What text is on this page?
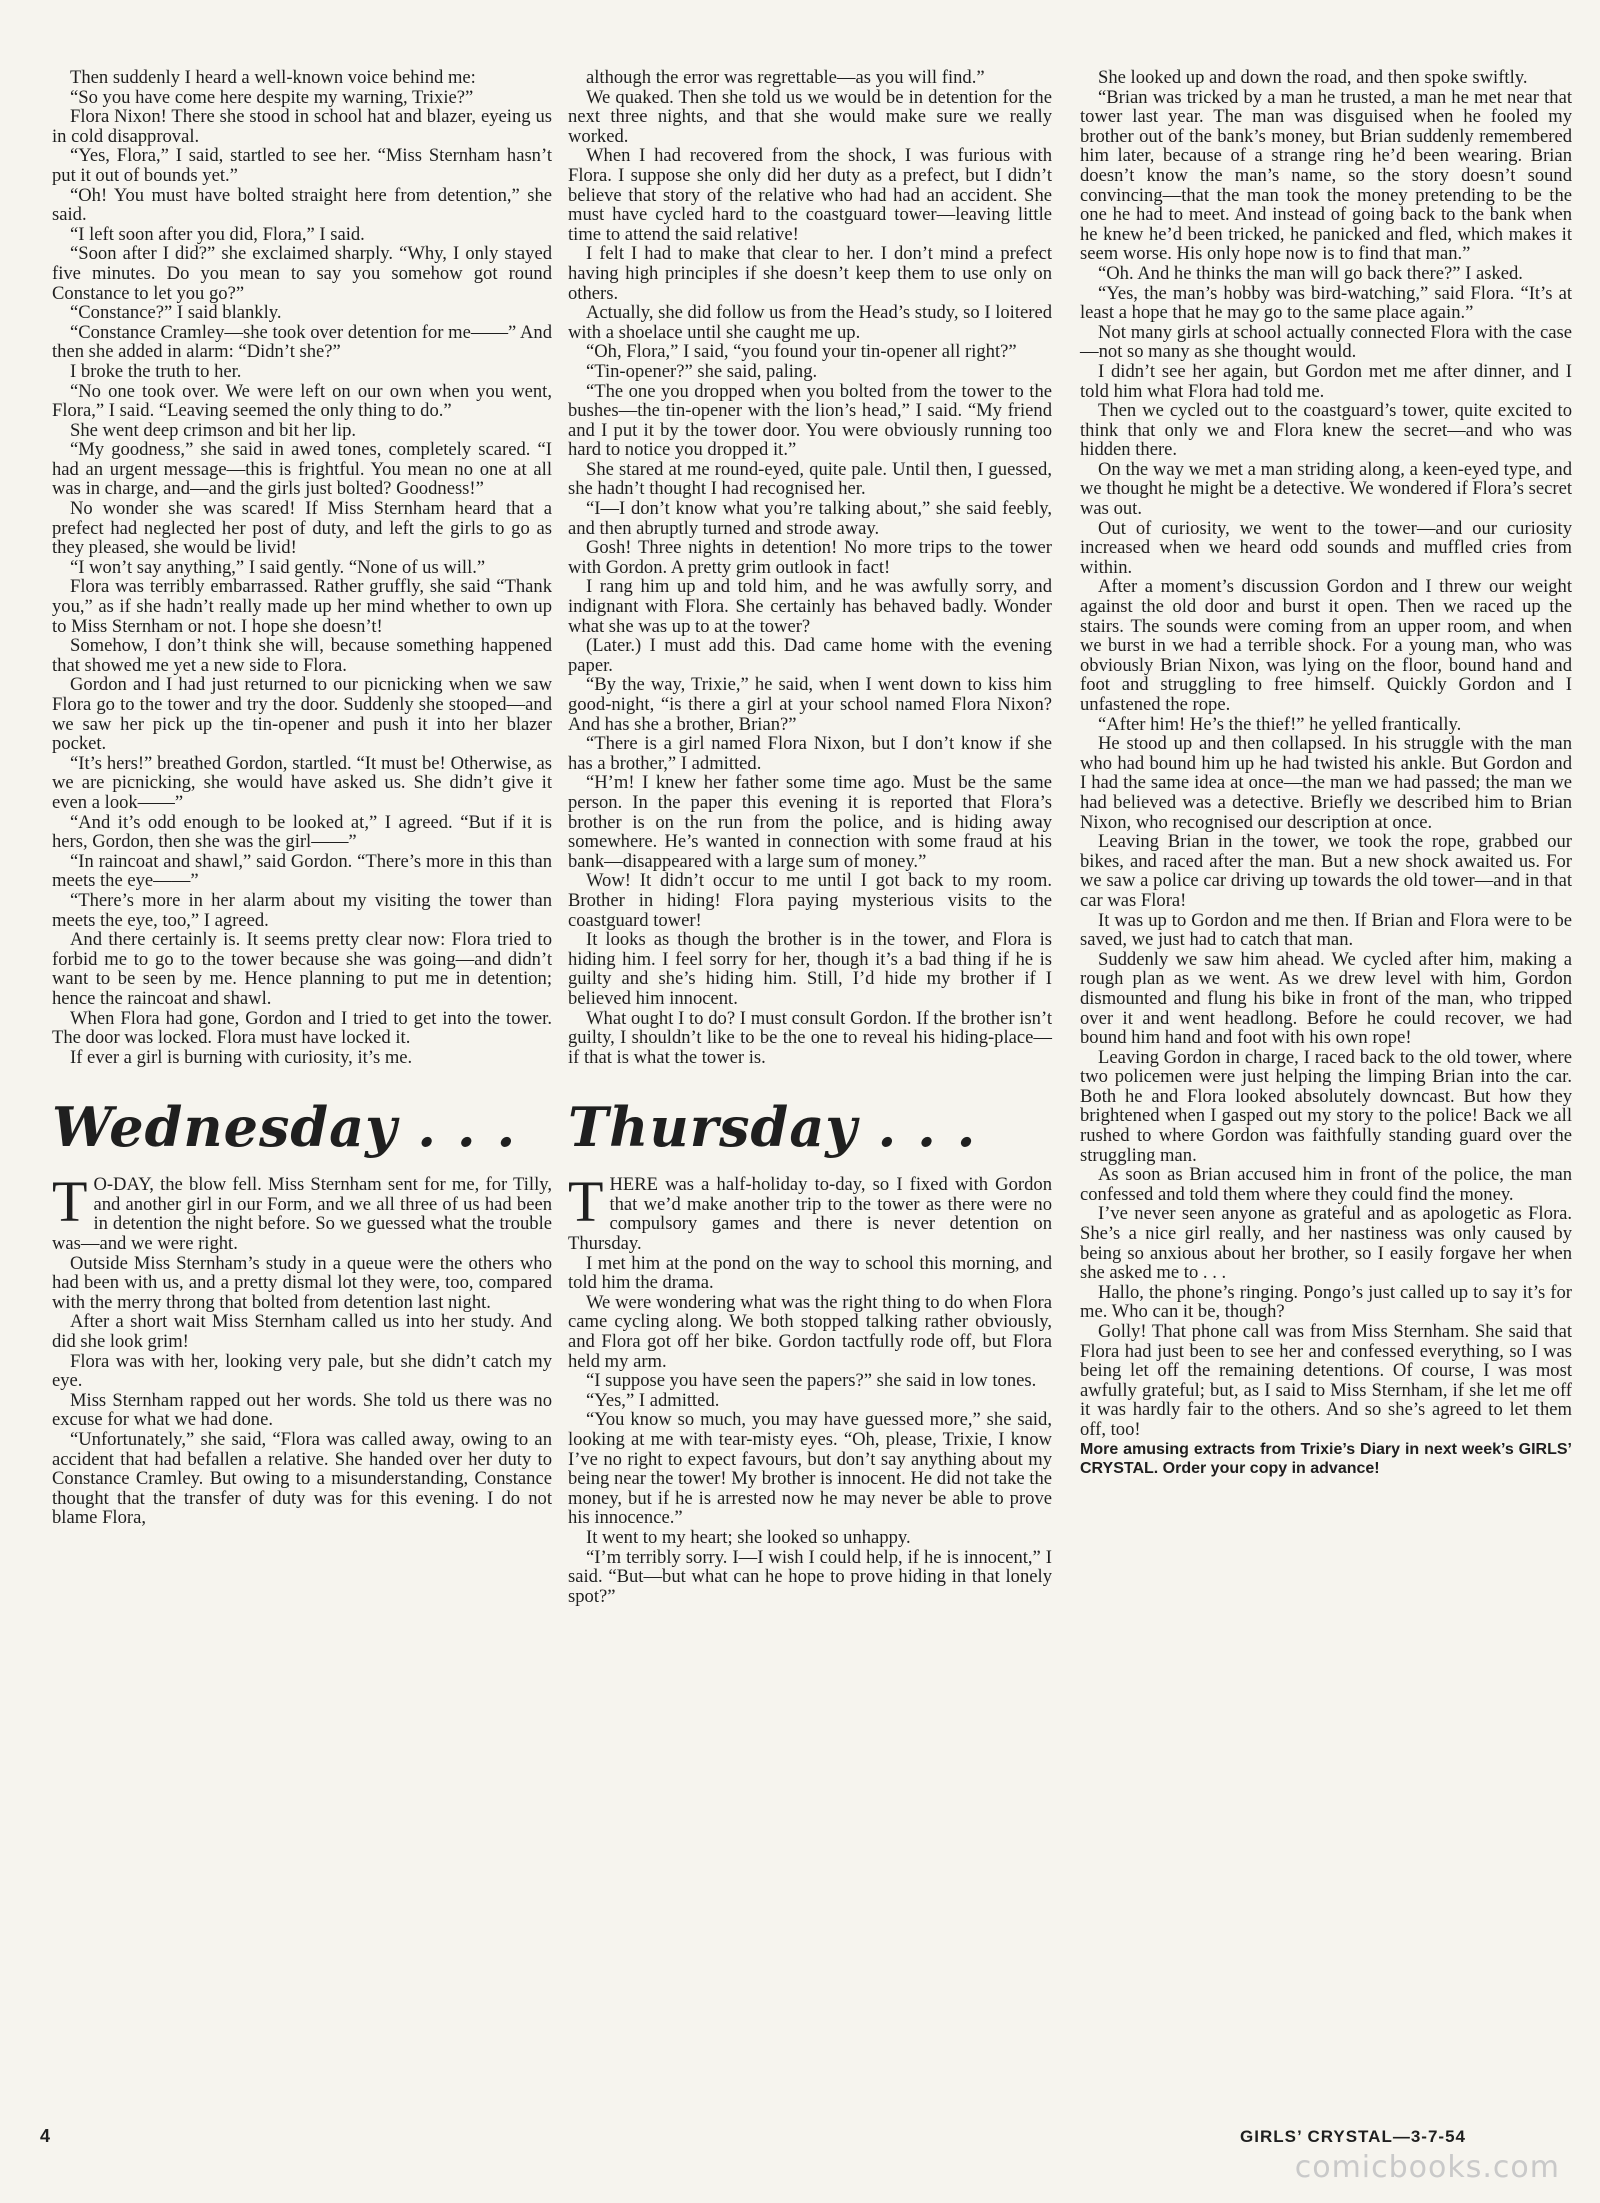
Then suddenly I heard a well-known voice behind me:

“So you have come here despite my warning, Trixie?”

Flora Nixon! There she stood in school hat and blazer, eyeing us in cold disapproval.

“Yes, Flora,” I said, startled to see her. “Miss Sternham hasn’t put it out of bounds yet.”

“Oh! You must have bolted straight here from detention,” she said.

“I left soon after you did, Flora,” I said.

“Soon after I did?” she exclaimed sharply. “Why, I only stayed five minutes. Do you mean to say you somehow got round Constance to let you go?”

“Constance?” I said blankly.

“Constance Cramley—she took over detention for me——” And then she added in alarm: “Didn’t she?”

I broke the truth to her.

“No one took over. We were left on our own when you went, Flora,” I said. “Leaving seemed the only thing to do.”

She went deep crimson and bit her lip.

“My goodness,” she said in awed tones, completely scared. “I had an urgent message—this is frightful. You mean no one at all was in charge, and—and the girls just bolted? Goodness!”

No wonder she was scared! If Miss Sternham heard that a prefect had neglected her post of duty, and left the girls to go as they pleased, she would be livid!

“I won’t say anything,” I said gently. “None of us will.”

Flora was terribly embarrassed. Rather gruffly, she said “Thank you,” as if she hadn’t really made up her mind whether to own up to Miss Sternham or not. I hope she doesn’t!

Somehow, I don’t think she will, because something happened that showed me yet a new side to Flora.

Gordon and I had just returned to our picnicking when we saw Flora go to the tower and try the door. Suddenly she stooped—and we saw her pick up the tin-opener and push it into her blazer pocket.

“It’s hers!” breathed Gordon, startled. “It must be! Otherwise, as we are picnicking, she would have asked us. She didn’t give it even a look——”

“And it’s odd enough to be looked at,” I agreed. “But if it is hers, Gordon, then she was the girl——”

“In raincoat and shawl,” said Gordon. “There’s more in this than meets the eye——”

“There’s more in her alarm about my visiting the tower than meets the eye, too,” I agreed.

And there certainly is. It seems pretty clear now: Flora tried to forbid me to go to the tower because she was going—and didn’t want to be seen by me. Hence planning to put me in detention; hence the raincoat and shawl.

When Flora had gone, Gordon and I tried to get into the tower. The door was locked. Flora must have locked it.

If ever a girl is burning with curiosity, it’s me.

Wednesday . . .

T O-DAY, the blow fell. Miss Sternham sent for me, for Tilly, and another girl in our Form, and we all three of us had been in detention the night before. So we guessed what the trouble was—and we were right.

Outside Miss Sternham’s study in a queue were the others who had been with us, and a pretty dismal lot they were, too, compared with the merry throng that bolted from detention last night.

After a short wait Miss Sternham called us into her study. And did she look grim!

Flora was with her, looking very pale, but she didn’t catch my eye.

Miss Sternham rapped out her words. She told us there was no excuse for what we had done.

“Unfortunately,” she said, “Flora was called away, owing to an accident that had befallen a relative. She handed over her duty to Constance Cramley. But owing to a misunderstanding, Constance thought that the transfer of duty was for this evening. I do not blame Flora,

although the error was regrettable—as you will find.”

We quaked. Then she told us we would be in detention for the next three nights, and that she would make sure we really worked.

When I had recovered from the shock, I was furious with Flora. I suppose she only did her duty as a prefect, but I didn’t believe that story of the relative who had had an accident. She must have cycled hard to the coastguard tower—leaving little time to attend the said relative!

I felt I had to make that clear to her. I don’t mind a prefect having high principles if she doesn’t keep them to use only on others.

Actually, she did follow us from the Head’s study, so I loitered with a shoelace until she caught me up.

“Oh, Flora,” I said, “you found your tin-opener all right?”

“Tin-opener?” she said, paling.

“The one you dropped when you bolted from the tower to the bushes—the tin-opener with the lion’s head,” I said. “My friend and I put it by the tower door. You were obviously running too hard to notice you dropped it.”

She stared at me round-eyed, quite pale. Until then, I guessed, she hadn’t thought I had recognised her.

“I—I don’t know what you’re talking about,” she said feebly, and then abruptly turned and strode away.

Gosh! Three nights in detention! No more trips to the tower with Gordon. A pretty grim outlook in fact!

I rang him up and told him, and he was awfully sorry, and indignant with Flora. She certainly has behaved badly. Wonder what she was up to at the tower?

(Later.) I must add this. Dad came home with the evening paper.

“By the way, Trixie,” he said, when I went down to kiss him good-night, “is there a girl at your school named Flora Nixon? And has she a brother, Brian?”

“There is a girl named Flora Nixon, but I don’t know if she has a brother,” I admitted.

“H’m! I knew her father some time ago. Must be the same person. In the paper this evening it is reported that Flora’s brother is on the run from the police, and is hiding away somewhere. He’s wanted in connection with some fraud at his bank—disappeared with a large sum of money.”

Wow! It didn’t occur to me until I got back to my room. Brother in hiding! Flora paying mysterious visits to the coastguard tower!

It looks as though the brother is in the tower, and Flora is hiding him. I feel sorry for her, though it’s a bad thing if he is guilty and she’s hiding him. Still, I’d hide my brother if I believed him innocent.

What ought I to do? I must consult Gordon. If the brother isn’t guilty, I shouldn’t like to be the one to reveal his hiding-place—if that is what the tower is.

Thursday . . .

THERE was a half-holiday to-day, so I fixed with Gordon that we’d make another trip to the tower as there were no compulsory games and there is never detention on Thursday.

I met him at the pond on the way to school this morning, and told him the drama.

We were wondering what was the right thing to do when Flora came cycling along. We both stopped talking rather obviously, and Flora got off her bike. Gordon tactfully rode off, but Flora held my arm.

“I suppose you have seen the papers?” she said in low tones.

“Yes,” I admitted.

“You know so much, you may have guessed more,” she said, looking at me with tear-misty eyes. “Oh, please, Trixie, I know I’ve no right to expect favours, but don’t say anything about my being near the tower! My brother is innocent. He did not take the money, but if he is arrested now he may never be able to prove his innocence.”

It went to my heart; she looked so unhappy.

“I’m terribly sorry. I—I wish I could help, if he is innocent,” I said. “But—but what can he hope to prove hiding in that lonely spot?”

She looked up and down the road, and then spoke swiftly.

“Brian was tricked by a man he trusted, a man he met near that tower last year. The man was disguised when he fooled my brother out of the bank’s money, but Brian suddenly remembered him later, because of a strange ring he’d been wearing. Brian doesn’t know the man’s name, so the story doesn’t sound convincing—that the man took the money pretending to be the one he had to meet. And instead of going back to the bank when he knew he’d been tricked, he panicked and fled, which makes it seem worse. His only hope now is to find that man.”

“Oh. And he thinks the man will go back there?” I asked.

“Yes, the man’s hobby was bird-watching,” said Flora. “It’s at least a hope that he may go to the same place again.”

Not many girls at school actually connected Flora with the case—not so many as she thought would.

I didn’t see her again, but Gordon met me after dinner, and I told him what Flora had told me.

Then we cycled out to the coastguard’s tower, quite excited to think that only we and Flora knew the secret—and who was hidden there.

On the way we met a man striding along, a keen-eyed type, and we thought he might be a detective. We wondered if Flora’s secret was out.

Out of curiosity, we went to the tower—and our curiosity increased when we heard odd sounds and muffled cries from within.

After a moment’s discussion Gordon and I threw our weight against the old door and burst it open. Then we raced up the stairs. The sounds were coming from an upper room, and when we burst in we had a terrible shock. For a young man, who was obviously Brian Nixon, was lying on the floor, bound hand and foot and struggling to free himself. Quickly Gordon and I unfastened the rope.

“After him! He’s the thief!” he yelled frantically.

He stood up and then collapsed. In his struggle with the man who had bound him up he had twisted his ankle. But Gordon and I had the same idea at once—the man we had passed; the man we had believed was a detective. Briefly we described him to Brian Nixon, who recognised our description at once.

Leaving Brian in the tower, we took the rope, grabbed our bikes, and raced after the man. But a new shock awaited us. For we saw a police car driving up towards the old tower—and in that car was Flora!

It was up to Gordon and me then. If Brian and Flora were to be saved, we just had to catch that man.

Suddenly we saw him ahead. We cycled after him, making a rough plan as we went. As we drew level with him, Gordon dismounted and flung his bike in front of the man, who tripped over it and went headlong. Before he could recover, we had bound him hand and foot with his own rope!

Leaving Gordon in charge, I raced back to the old tower, where two policemen were just helping the limping Brian into the car. Both he and Flora looked absolutely downcast. But how they brightened when I gasped out my story to the police! Back we all rushed to where Gordon was faithfully standing guard over the struggling man.

As soon as Brian accused him in front of the police, the man confessed and told them where they could find the money.

I’ve never seen anyone as grateful and as apologetic as Flora. She’s a nice girl really, and her nastiness was only caused by being so anxious about her brother, so I easily forgave her when she asked me to . . .

Hallo, the phone’s ringing. Pongo’s just called up to say it’s for me. Who can it be, though?

Golly! That phone call was from Miss Sternham. She said that Flora had just been to see her and confessed everything, so I was being let off the remaining detentions. Of course, I was most awfully grateful; but, as I said to Miss Sternham, if she let me off it was hardly fair to the others. And so she’s agreed to let them off, too!

More amusing extracts from Trixie’s Diary in next week’s GIRLS’ CRYSTAL. Order your copy in advance!

4	GIRLS’ CRYSTAL—3-7-54
comicbooks.com
